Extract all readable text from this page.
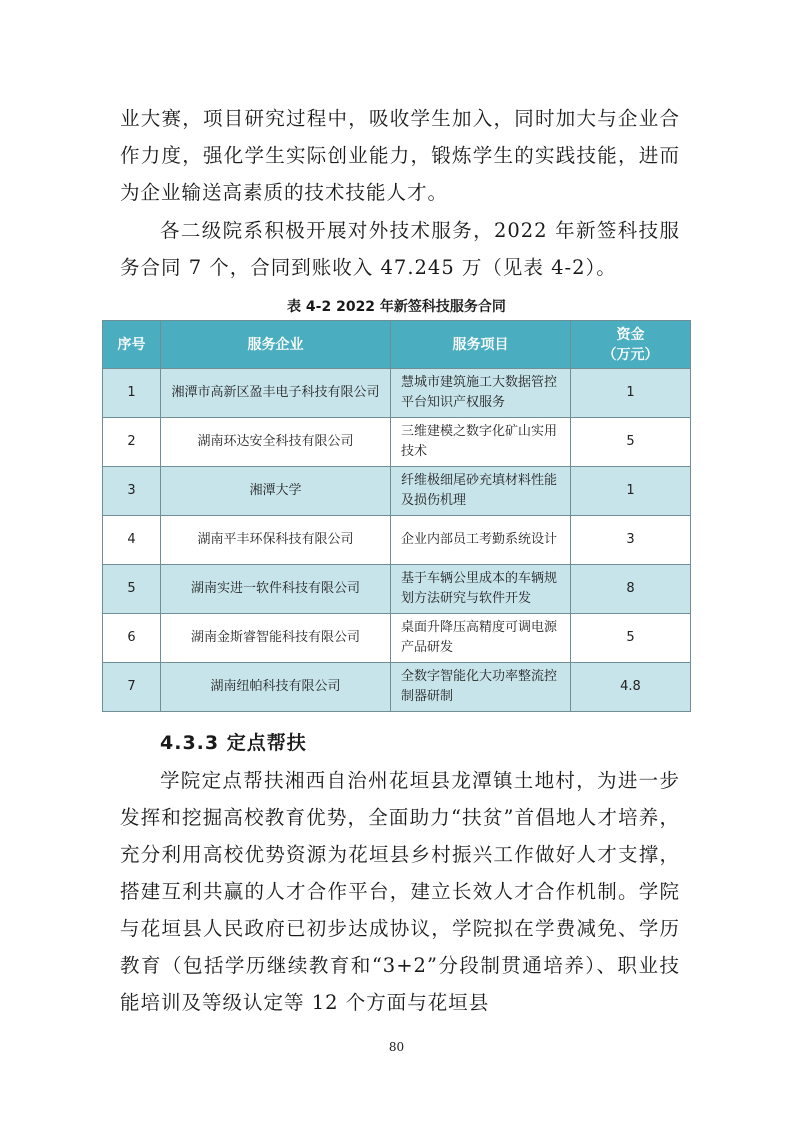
业大赛，项目研究过程中，吸收学生加入，同时加大与企业合作力度，强化学生实际创业能力，锻炼学生的实践技能，进而为企业输送高素质的技术技能人才。

各二级院系积极开展对外技术服务，2022 年新签科技服务合同 7 个，合同到账收入 47.245 万（见表 4-2）。

表 4-2 2022 年新签科技服务合同

序号	服务企业	服务项目	资金
（万元）
1	湘潭市高新区盈丰电子科技有限公司	慧城市建筑施工大数据管控平台知识产权服务	1
2	湖南环达安全科技有限公司	三维建模之数字化矿山实用技术	5
3	湘潭大学	纤维极细尾砂充填材料性能及损伤机理	1
4	湖南平丰环保科技有限公司	企业内部员工考勤系统设计	3
5	湖南实进一软件科技有限公司	基于车辆公里成本的车辆规划方法研究与软件开发	8
6	湖南金斯睿智能科技有限公司	桌面升降压高精度可调电源产品研发	5
7	湖南纽帕科技有限公司	全数字智能化大功率整流控制器研制	4.8
4.3.3 定点帮扶

学院定点帮扶湘西自治州花垣县龙潭镇土地村，为进一步发挥和挖掘高校教育优势，全面助力“扶贫”首倡地人才培养，充分利用高校优势资源为花垣县乡村振兴工作做好人才支撑，搭建互利共赢的人才合作平台，建立长效人才合作机制。学院与花垣县人民政府已初步达成协议，学院拟在学费减免、学历教育（包括学历继续教育和“3+2”分段制贯通培养）、职业技能培训及等级认定等 12 个方面与花垣县

80
